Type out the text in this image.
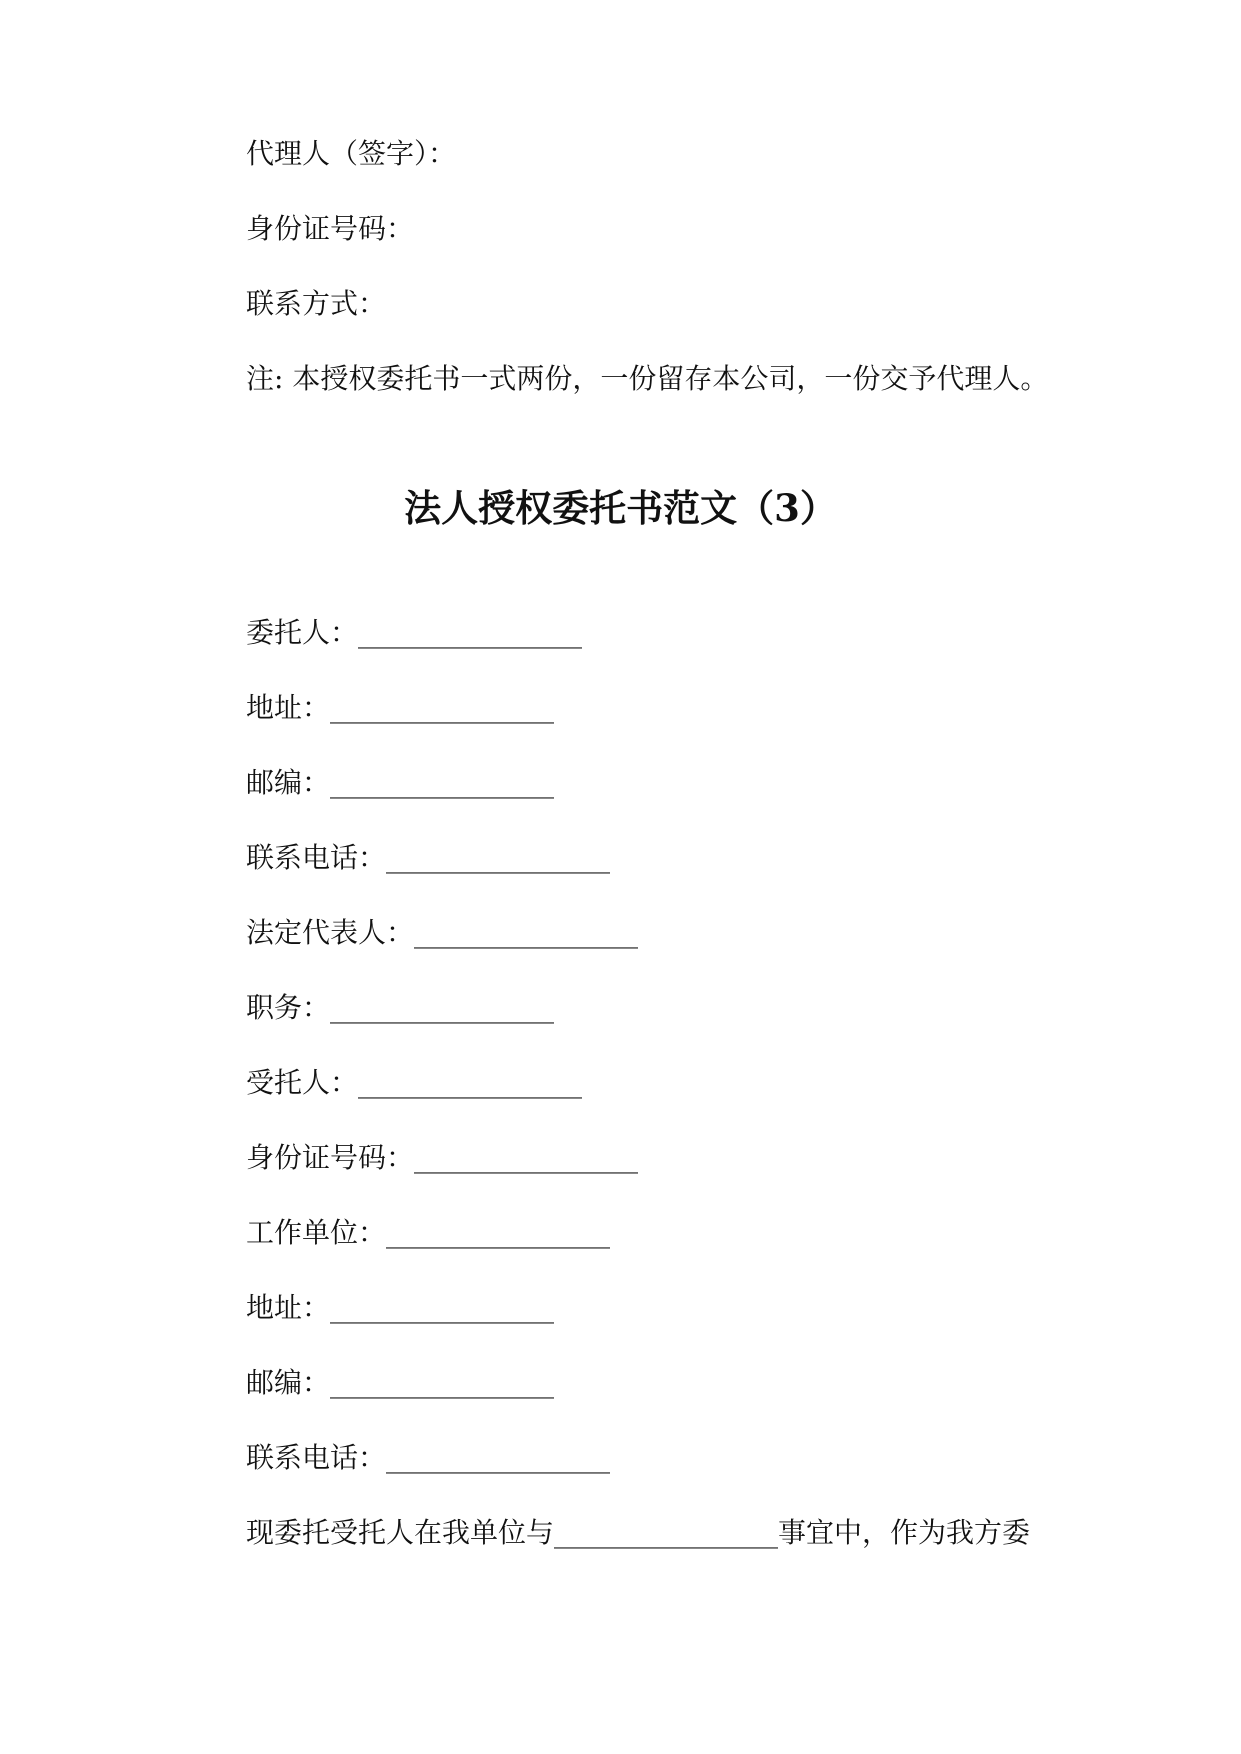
代理人（签字）：
身份证号码：
联系方式：
注: 本授权委托书一式两份，一份留存本公司，一份交予代理人。
法人授权委托书范文（3）
委托人：________________
地址：________________
邮编：________________
联系电话：________________
法定代表人：________________
职务：________________
受托人：________________
身份证号码：________________
工作单位：________________
地址：________________
邮编：________________
联系电话：________________
现委托受托人在我单位与________________事宜中，作为我方委
